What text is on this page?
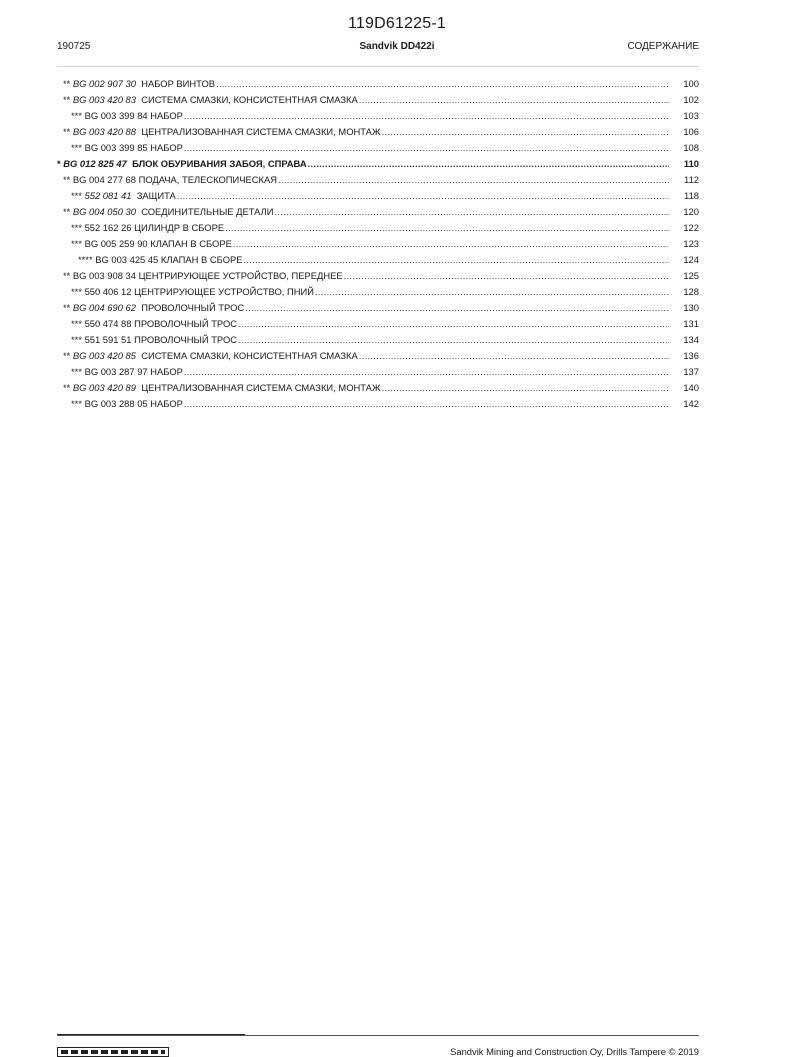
119D61225-1
190725	Sandvik DD422i	СОДЕРЖАНИЕ
**
BG 002 907 30
НАБОР ВИНТОВ .....	100
**
BG 003 420 83
СИСТЕМА СМАЗКИ, КОНСИСТЕНТНАЯ СМАЗКА .....	102
***
BG 003 399 84
НАБОР .....	103
**
BG 003 420 88
ЦЕНТРАЛИЗОВАННАЯ СИСТЕМА СМАЗКИ, МОНТАЖ .....	106
***
BG 003 399 85
НАБОР .....	108
*
BG 012 825 47
БЛОК ОБУРИВАНИЯ ЗАБОЯ, СПРАВА .....	110
**
BG 004 277 68
ПОДАЧА, ТЕЛЕСКОПИЧЕСКАЯ .....	112
***
552 081 41
ЗАЩИТА .....	118
**
BG 004 050 30
СОЕДИНИТЕЛЬНЫЕ ДЕТАЛИ .....	120
***
552 162 26
ЦИЛИНДР В СБОРЕ .....	122
***
BG 005 259 90
КЛАПАН В СБОРЕ .....	123
****
BG 003 425 45
КЛАПАН В СБОРЕ .....	124
**
BG 003 908 34
ЦЕНТРИРУЮЩЕЕ УСТРОЙСТВО, ПЕРЕДНЕЕ .....	125
***
550 406 12
ЦЕНТРИРУЮЩЕЕ УСТРОЙСТВО, ПНИЙ .....	128
**
BG 004 690 62
ПРОВОЛОЧНЫЙ ТРОС .....	130
***
550 474 88
ПРОВОЛОЧНЫЙ ТРОС .....	131
***
551 591 51
ПРОВОЛОЧНЫЙ ТРОС .....	134
**
BG 003 420 85
СИСТЕМА СМАЗКИ, КОНСИСТЕНТНАЯ СМАЗКА .....	136
***
BG 003 287 97
НАБОР .....	137
**
BG 003 420 89
ЦЕНТРАЛИЗОВАННАЯ СИСТЕМА СМАЗКИ, МОНТАЖ .....	140
***
BG 003 288 05
НАБОР .....	142
Sandvik Mining and Construction Oy, Drills Tampere © 2019
